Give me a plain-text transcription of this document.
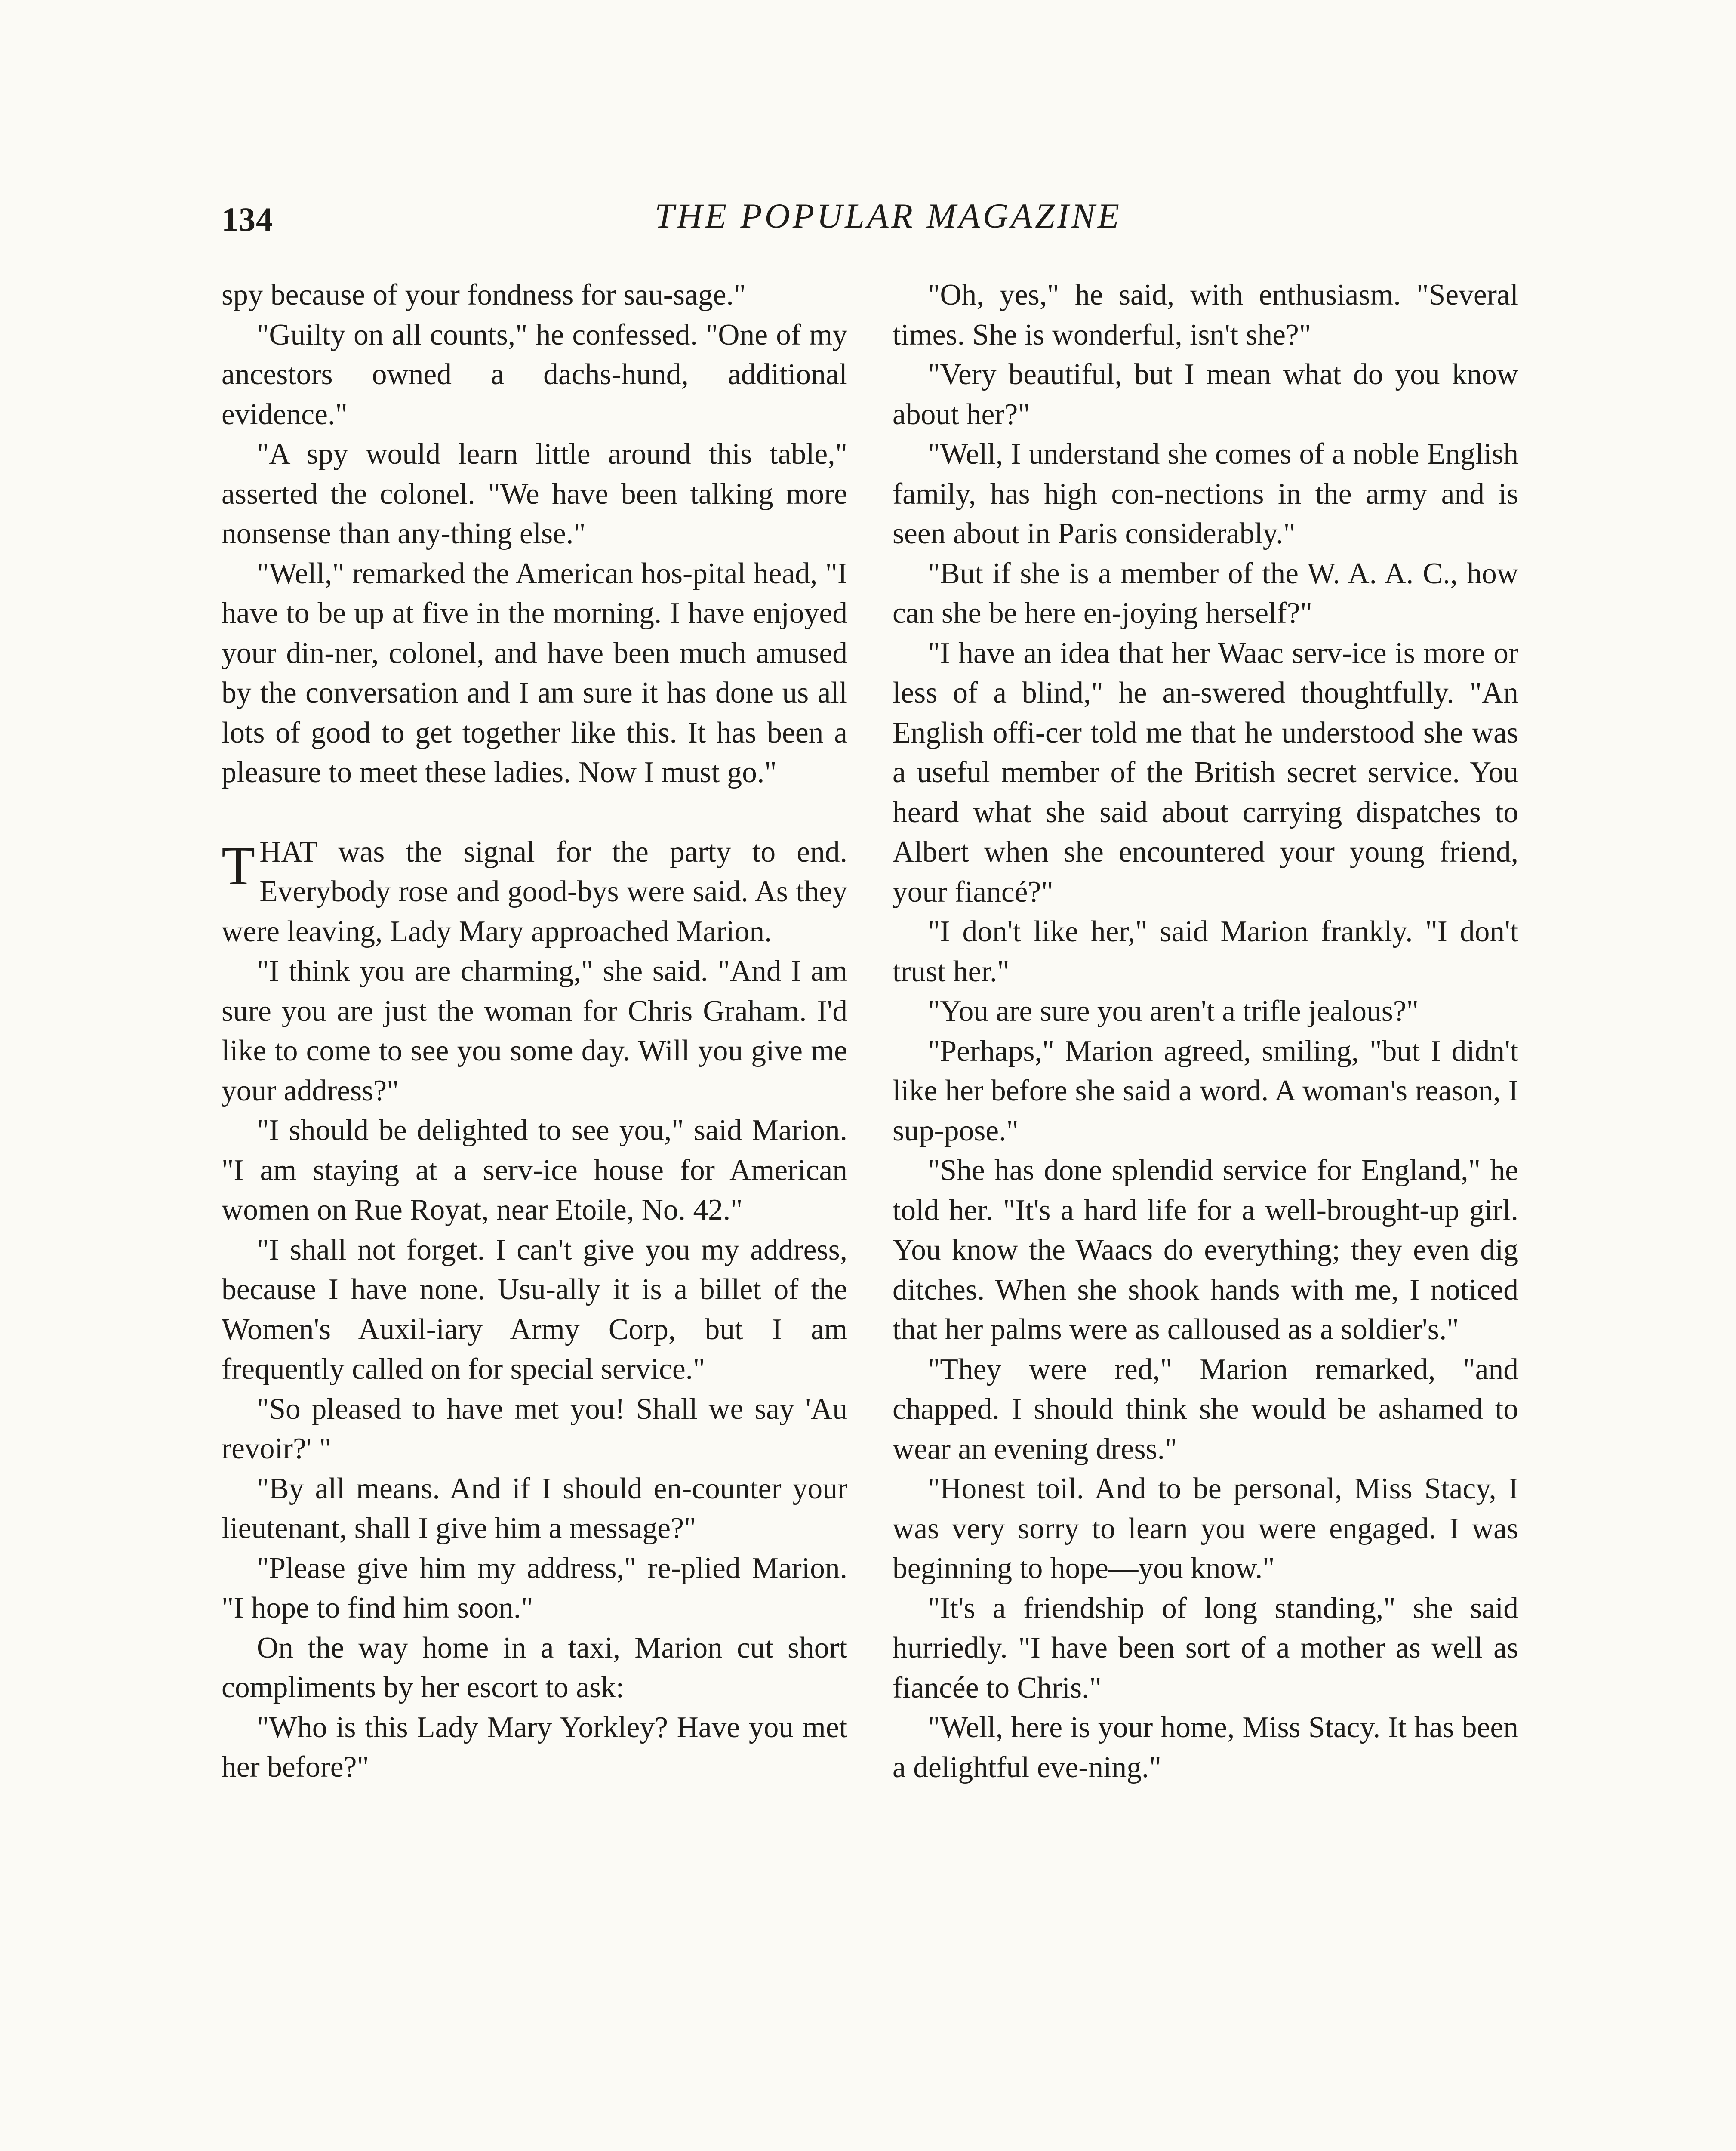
134	THE POPULAR MAGAZINE

spy because of your fondness for sau-sage."

"Guilty on all counts," he confessed. "One of my ancestors owned a dachs-hund, additional evidence."

"A spy would learn little around this table," asserted the colonel. "We have been talking more nonsense than any-thing else."

"Well," remarked the American hos-pital head, "I have to be up at five in the morning. I have enjoyed your din-ner, colonel, and have been much amused by the conversation and I am sure it has done us all lots of good to get together like this. It has been a pleasure to meet these ladies. Now I must go."

THAT was the signal for the party to end. Everybody rose and good-bys were said. As they were leaving, Lady Mary approached Marion.

"I think you are charming," she said. "And I am sure you are just the woman for Chris Graham. I'd like to come to see you some day. Will you give me your address?"

"I should be delighted to see you," said Marion. "I am staying at a serv-ice house for American women on Rue Royat, near Etoile, No. 42."

"I shall not forget. I can't give you my address, because I have none. Usu-ally it is a billet of the Women's Auxil-iary Army Corp, but I am frequently called on for special service."

"So pleased to have met you! Shall we say 'Au revoir?' "

"By all means. And if I should en-counter your lieutenant, shall I give him a message?"

"Please give him my address," re-plied Marion. "I hope to find him soon."

On the way home in a taxi, Marion cut short compliments by her escort to ask:

"Who is this Lady Mary Yorkley? Have you met her before?"

"Oh, yes," he said, with enthusiasm. "Several times. She is wonderful, isn't she?"

"Very beautiful, but I mean what do you know about her?"

"Well, I understand she comes of a noble English family, has high con-nections in the army and is seen about in Paris considerably."

"But if she is a member of the W. A. A. C., how can she be here en-joying herself?"

"I have an idea that her Waac serv-ice is more or less of a blind," he an-swered thoughtfully. "An English offi-cer told me that he understood she was a useful member of the British secret service. You heard what she said about carrying dispatches to Albert when she encountered your young friend, your fiancé?"

"I don't like her," said Marion frankly. "I don't trust her."

"You are sure you aren't a trifle jealous?"

"Perhaps," Marion agreed, smiling, "but I didn't like her before she said a word. A woman's reason, I sup-pose."

"She has done splendid service for England," he told her. "It's a hard life for a well-brought-up girl. You know the Waacs do everything; they even dig ditches. When she shook hands with me, I noticed that her palms were as calloused as a soldier's."

"They were red," Marion remarked, "and chapped. I should think she would be ashamed to wear an evening dress."

"Honest toil. And to be personal, Miss Stacy, I was very sorry to learn you were engaged. I was beginning to hope—you know."

"It's a friendship of long standing," she said hurriedly. "I have been sort of a mother as well as fiancée to Chris."

"Well, here is your home, Miss Stacy. It has been a delightful eve-ning."
